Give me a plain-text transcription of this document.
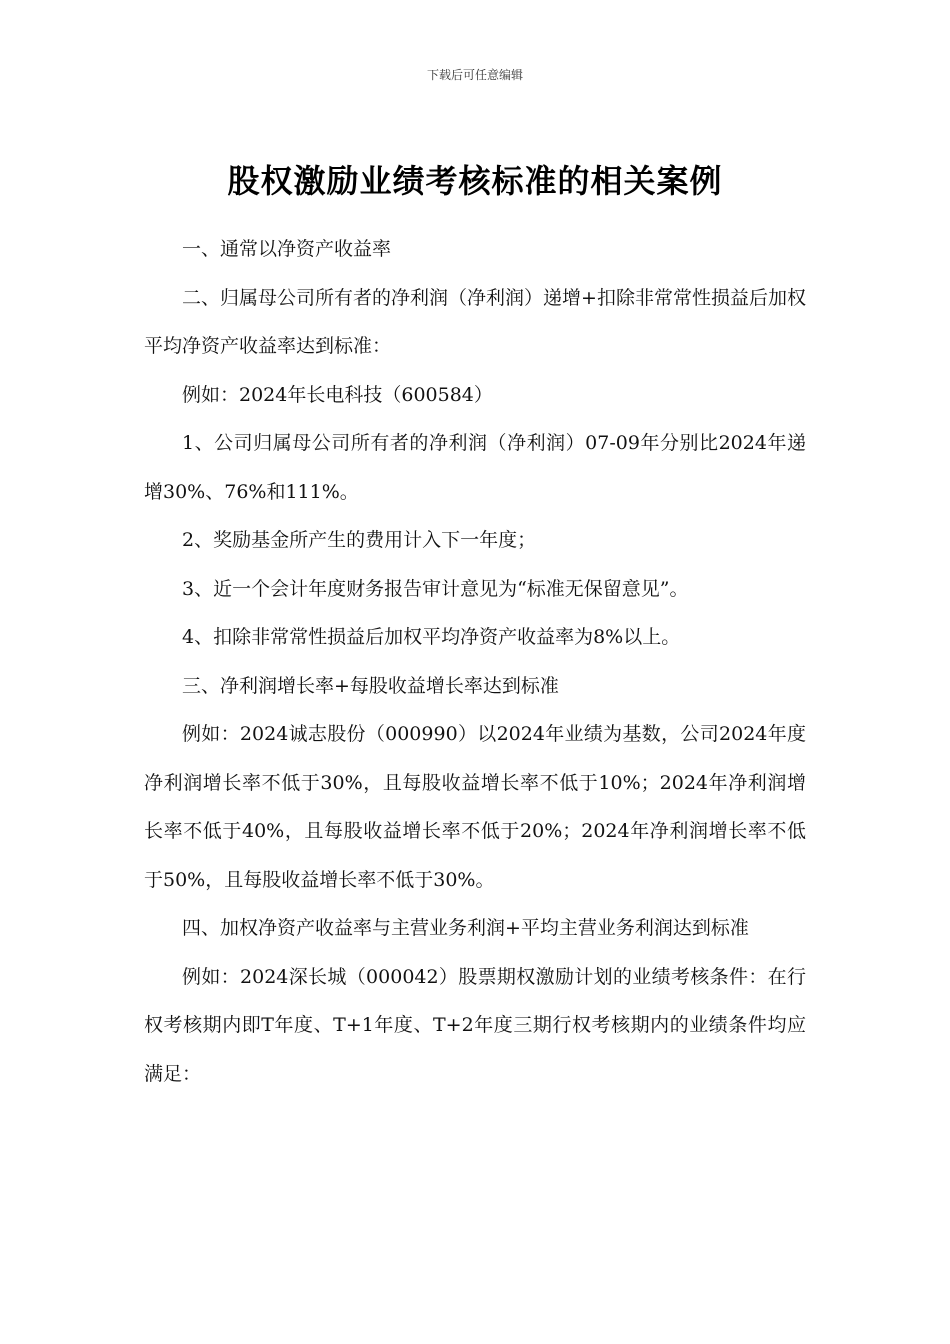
下载后可任意编辑
股权激励业绩考核标准的相关案例

一、通常以净资产收益率

二、归属母公司所有者的净利润（净利润）递增+扣除非常常性损益后加权平均净资产收益率达到标准：

例如：2024年长电科技（600584）

1、公司归属母公司所有者的净利润（净利润）07-09年分别比2024年递增30%、76%和111%。

2、奖励基金所产生的费用计入下一年度；

3、近一个会计年度财务报告审计意见为“标准无保留意见”。

4、扣除非常常性损益后加权平均净资产收益率为8%以上。

三、净利润增长率+每股收益增长率达到标准

例如：2024诚志股份（000990）以2024年业绩为基数，公司2024年度净利润增长率不低于30%，且每股收益增长率不低于10%；2024年净利润增长率不低于40%，且每股收益增长率不低于20%；2024年净利润增长率不低于50%，且每股收益增长率不低于30%。

四、加权净资产收益率与主营业务利润+平均主营业务利润达到标准

例如：2024深长城（000042）股票期权激励计划的业绩考核条件：在行权考核期内即T年度、T+1年度、T+2年度三期行权考核期内的业绩条件均应满足：
